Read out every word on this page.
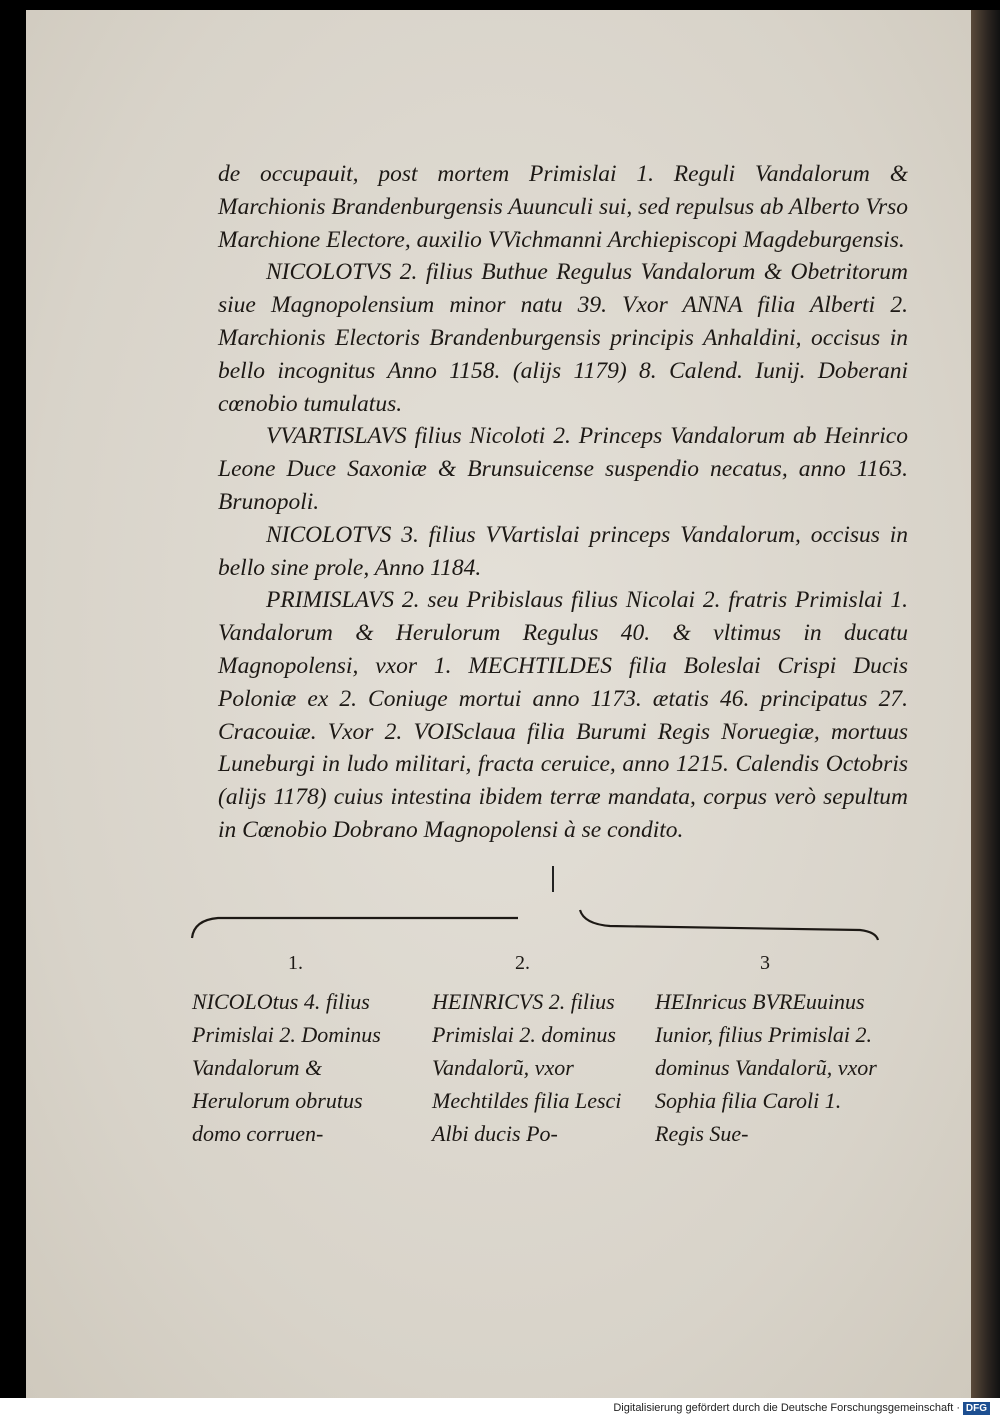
de occupauit, post mortem Primislai 1. Reguli Vandalorum & Marchionis Brandenburgensis Auunculi sui, sed repulsus ab Alberto Vrso Marchione Electore, auxilio VVichmanni Archiepiscopi Magdeburgensis.

NICOLOTVS 2. filius Buthue Regulus Vandalorum & Obetritorum siue Magnopolensium minor natu 39. Vxor ANNA filia Alberti 2. Marchionis Electoris Brandenburgensis principis Anhaldini, occisus in bello incognitus Anno 1158. (alijs 1179) 8. Calend. Iunij. Doberani cœnobio tumulatus.

VVARTISLAVS filius Nicoloti 2. Princeps Vandalorum ab Heinrico Leone Duce Saxoniæ & Brunsuicense suspendio necatus, anno 1163. Brunopoli.

NICOLOTVS 3. filius VVartislai princeps Vandalorum, occisus in bello sine prole, Anno 1184.

PRIMISLAVS 2. seu Pribislaus filius Nicolai 2. fratris Primislai 1. Vandalorum & Herulorum Regulus 40. & vltimus in ducatu Magnopolensi, vxor 1. MECHTILDES filia Boleslai Crispi Ducis Poloniæ ex 2. Coniuge mortui anno 1173. ætatis 46. principatus 27. Cracouiæ. Vxor 2. VOISclaua filia Burumi Regis Noruegiæ, mortuus Luneburgi in ludo militari, fracta ceruice, anno 1215. Calendis Octobris (alijs 1178) cuius intestina ibidem terræ mandata, corpus verò sepultum in Cœnobio Dobrano Magnopolensi à se condito.

1.	2.	3
NICOLOtus 4. filius Primislai 2. Dominus Vandalorum & Herulorum obrutus domo corruen-
HEINRICVS 2. filius Primislai 2. dominus Vandalorũ, vxor Mechtildes filia Lesci Albi ducis Po-
HEInricus BVREuuinus Iunior, filius Primislai 2. dominus Vandalorũ, vxor Sophia filia Caroli 1. Regis Sue-
Digitalisierung gefördert durch die Deutsche Forschungsgemeinschaft · DFG
